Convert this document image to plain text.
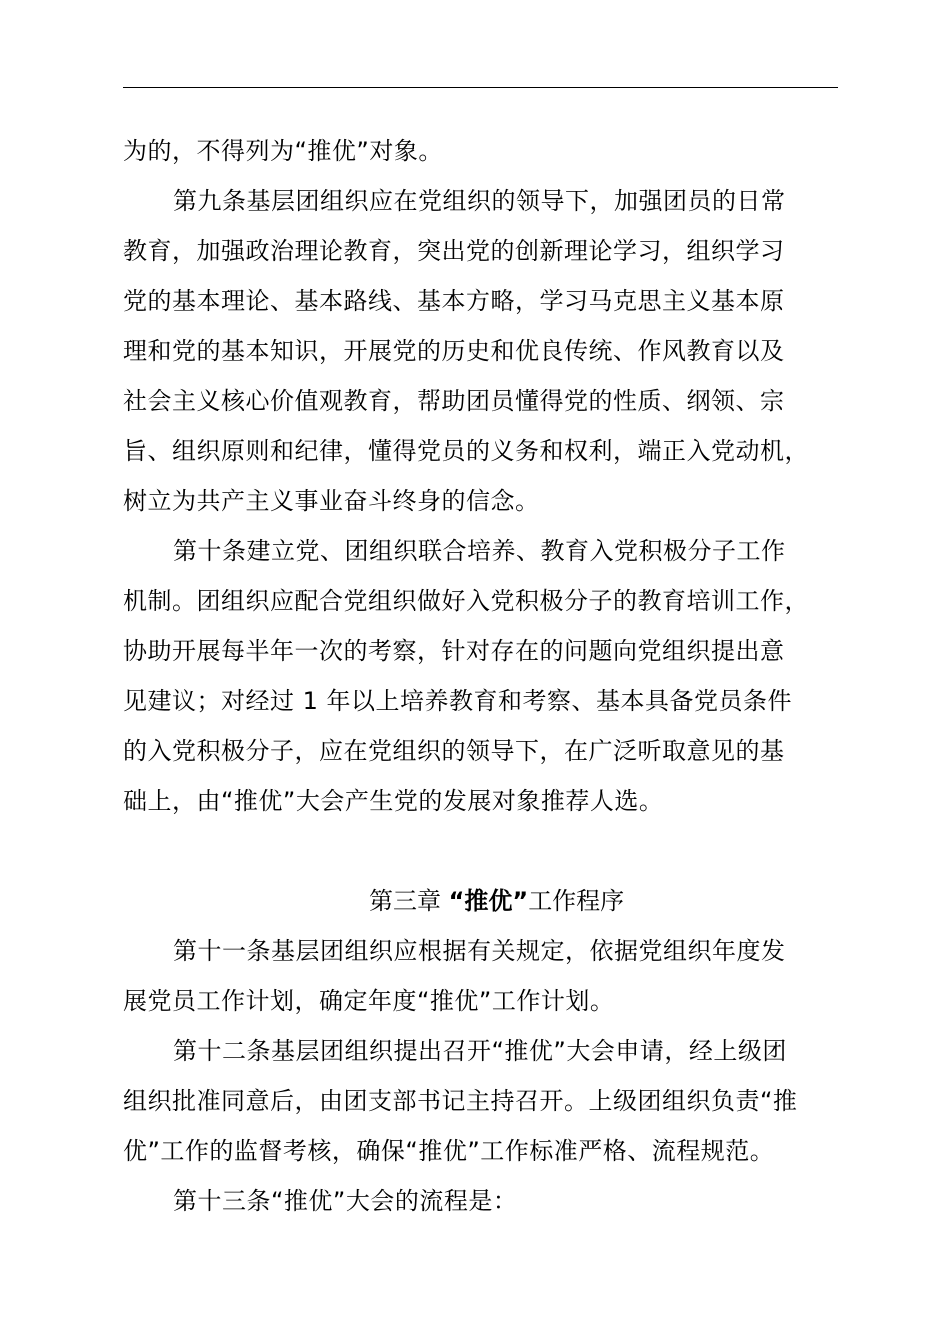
为的，不得列为“推优”对象。
第九条基层团组织应在党组织的领导下，加强团员的日常
教育，加强政治理论教育，突出党的创新理论学习，组织学习
党的基本理论、基本路线、基本方略，学习马克思主义基本原
理和党的基本知识，开展党的历史和优良传统、作风教育以及
社会主义核心价值观教育，帮助团员懂得党的性质、纲领、宗
旨、组织原则和纪律，懂得党员的义务和权利，端正入党动机，
树立为共产主义事业奋斗终身的信念。
第十条建立党、团组织联合培养、教育入党积极分子工作
机制。团组织应配合党组织做好入党积极分子的教育培训工作，
协助开展每半年一次的考察，针对存在的问题向党组织提出意
见建议；对经过 1 年以上培养教育和考察、基本具备党员条件
的入党积极分子，应在党组织的领导下，在广泛听取意见的基
础上，由“推优”大会产生党的发展对象推荐人选。
第三章 “推优”工作程序
第十一条基层团组织应根据有关规定，依据党组织年度发
展党员工作计划，确定年度“推优”工作计划。
第十二条基层团组织提出召开“推优”大会申请，经上级团
组织批准同意后，由团支部书记主持召开。上级团组织负责“推
优”工作的监督考核，确保“推优”工作标准严格、流程规范。
第十三条“推优”大会的流程是：
